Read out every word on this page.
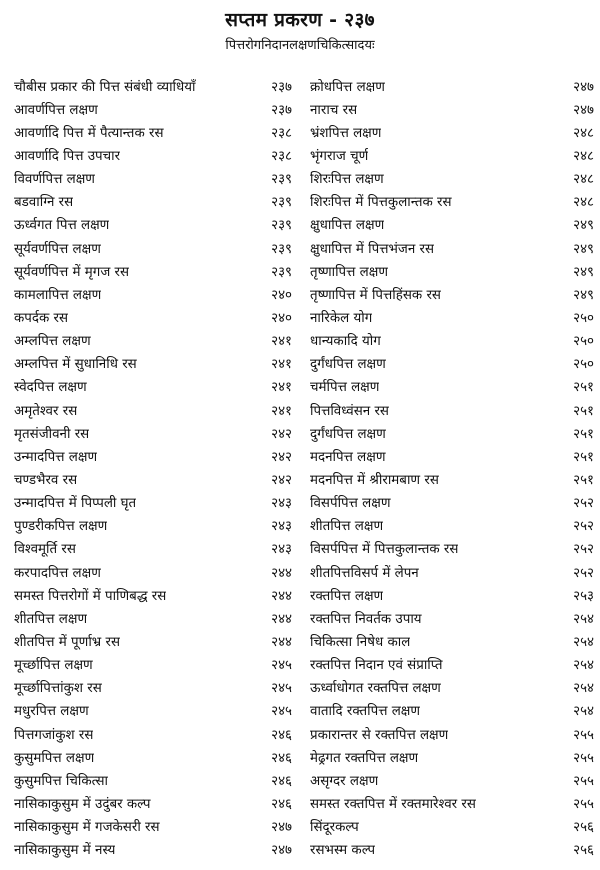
सप्तम प्रकरण - २३७
पित्तरोगनिदानलक्षणचिकित्सादयः
चौबीस प्रकार की पित्त संबंधी व्याधियाँ	२३७
आवर्णपित्त लक्षण	२३७
आवर्णादि पित्त में पैत्यान्तक रस	२३८
आवर्णादि पित्त उपचार	२३८
विवर्णपित्त लक्षण	२३९
बडवाग्नि रस	२३९
ऊर्ध्वगत पित्त लक्षण	२३९
सूर्यवर्णपित्त लक्षण	२३९
सूर्यवर्णपित्त में मृगज रस	२३९
कामलापित्त लक्षण	२४०
कपर्दक रस	२४०
अम्लपित्त लक्षण	२४१
अम्लपित्त में सुधानिधि रस	२४१
स्वेदपित्त लक्षण	२४१
अमृतेश्वर रस	२४१
मृतसंजीवनी रस	२४२
उन्मादपित्त लक्षण	२४२
चण्डभैरव रस	२४२
उन्मादपित्त में पिप्पली घृत	२४३
पुण्डरीकपित्त लक्षण	२४३
विश्वमूर्ति रस	२४३
करपादपित्त लक्षण	२४४
समस्त पित्तरोगों में पाणिबद्ध रस	२४४
शीतपित्त लक्षण	२४४
शीतपित्त में पूर्णाभ्र रस	२४४
मूर्च्छापित्त लक्षण	२४५
मूर्च्छापित्तांकुश रस	२४५
मधुरपित्त लक्षण	२४५
पित्तगजांकुश रस	२४६
कुसुमपित्त लक्षण	२४६
कुसुमपित्त चिकित्सा	२४६
नासिकाकुसुम में उदुंबर कल्प	२४६
नासिकाकुसुम में गजकेसरी रस	२४७
नासिकाकुसुम में नस्य	२४७
क्रोधपित्त लक्षण	२४७
नाराच रस	२४७
भ्रंशपित्त लक्षण	२४८
भृंगराज चूर्ण	२४८
शिरःपित्त लक्षण	२४८
शिरःपित्त में पित्तकुलान्तक रस	२४८
क्षुधापित्त लक्षण	२४९
क्षुधापित्त में पित्तभंजन रस	२४९
तृष्णापित्त लक्षण	२४९
तृष्णापित्त में पित्तहिंसक रस	२४९
नारिकेल योग	२५०
धान्यकादि योग	२५०
दुर्गंधपित्त लक्षण	२५०
चर्मपित्त लक्षण	२५१
पित्तविध्वंसन रस	२५१
दुर्गंधपित्त लक्षण	२५१
मदनपित्त लक्षण	२५१
मदनपित्त में श्रीरामबाण रस	२५१
विसर्पपित्त लक्षण	२५२
शीतपित्त लक्षण	२५२
विसर्पपित्त में पित्तकुलान्तक रस	२५२
शीतपित्तविसर्प में लेपन	२५२
रक्तपित्त लक्षण	२५३
रक्तपित्त निवर्तक उपाय	२५४
चिकित्सा निषेध काल	२५४
रक्तपित्त निदान एवं संप्राप्ति	२५४
ऊर्ध्वाधोगत रक्तपित्त लक्षण	२५४
वातादि रक्तपित्त लक्षण	२५४
प्रकारान्तर से रक्तपित्त लक्षण	२५५
मेढ्रगत रक्तपित्त लक्षण	२५५
असृग्दर लक्षण	२५५
समस्त रक्तपित्त में रक्तमारेश्वर रस	२५५
सिंदूरकल्प	२५६
रसभस्म कल्प	२५६
